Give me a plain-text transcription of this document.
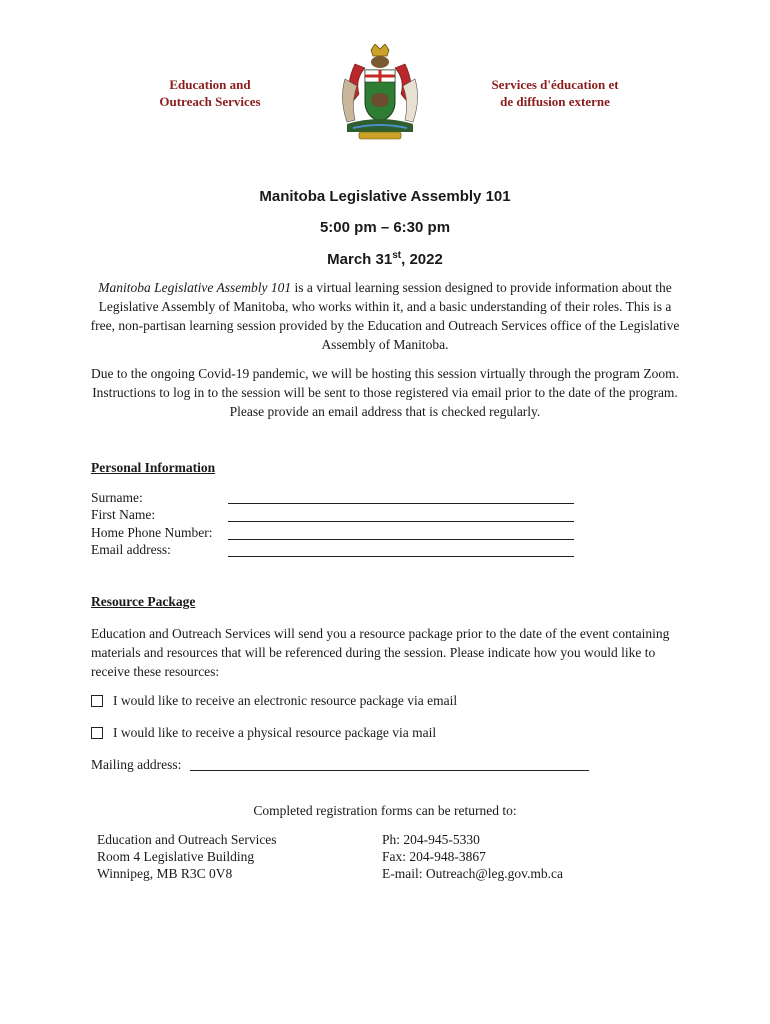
Education and
Outreach Services
Services d'éducation et
de diffusion externe
Manitoba Legislative Assembly 101
5:00 pm – 6:30 pm
March 31st, 2022
Manitoba Legislative Assembly 101 is a virtual learning session designed to provide information about the Legislative Assembly of Manitoba, who works within it, and a basic understanding of their roles. This is a free, non-partisan learning session provided by the Education and Outreach Services office of the Legislative Assembly of Manitoba.
Due to the ongoing Covid-19 pandemic, we will be hosting this session virtually through the program Zoom. Instructions to log in to the session will be sent to those registered via email prior to the date of the program. Please provide an email address that is checked regularly.
Personal Information
Surname:
First Name:
Home Phone Number:
Email address:
Resource Package
Education and Outreach Services will send you a resource package prior to the date of the event containing materials and resources that will be referenced during the session. Please indicate how you would like to receive these resources:
I would like to receive an electronic resource package via email
I would like to receive a physical resource package via mail
Mailing address:
Completed registration forms can be returned to:
Education and Outreach Services
Room 4 Legislative Building
Winnipeg, MB R3C 0V8
Ph: 204-945-5330
Fax: 204-948-3867
E-mail: Outreach@leg.gov.mb.ca
